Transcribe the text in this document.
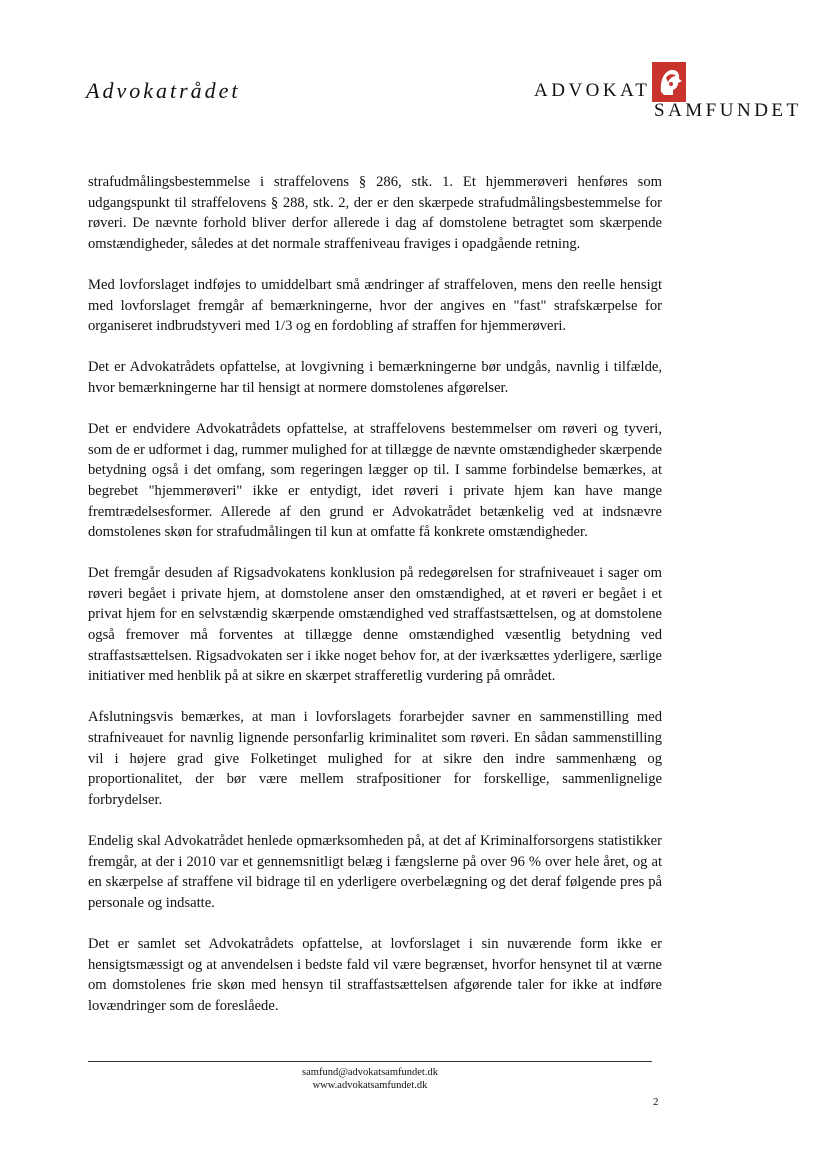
Advokatrådet	ADVOKAT
SAMFUNDET

strafudmålingsbestemmelse i straffelovens § 286, stk. 1. Et hjemmerøveri henføres som udgangspunkt til straffelovens § 288, stk. 2, der er den skærpede strafudmålingsbestemmelse for røveri. De nævnte forhold bliver derfor allerede i dag af domstolene betragtet som skærpende omstændigheder, således at det normale straffeniveau fraviges i opadgående retning.

Med lovforslaget indføjes to umiddelbart små ændringer af straffeloven, mens den reelle hensigt med lovforslaget fremgår af bemærkningerne, hvor der angives en "fast" strafskærpelse for organiseret indbrudstyveri med 1/3 og en fordobling af straffen for hjemmerøveri.

Det er Advokatrådets opfattelse, at lovgivning i bemærkningerne bør undgås, navnlig i tilfælde, hvor bemærkningerne har til hensigt at normere domstolenes afgørelser.

Det er endvidere Advokatrådets opfattelse, at straffelovens bestemmelser om røveri og tyveri, som de er udformet i dag, rummer mulighed for at tillægge de nævnte omstændigheder skærpende betydning også i det omfang, som regeringen lægger op til. I samme forbindelse bemærkes, at begrebet "hjemmerøveri" ikke er entydigt, idet røveri i private hjem kan have mange fremtrædelsesformer. Allerede af den grund er Advokatrådet betænkelig ved at indsnævre domstolenes skøn for strafudmålingen til kun at omfatte få konkrete omstændigheder.

Det fremgår desuden af Rigsadvokatens konklusion på redegørelsen for strafniveauet i sager om røveri begået i private hjem, at domstolene anser den omstændighed, at et røveri er begået i et privat hjem for en selvstændig skærpende omstændighed ved straffastsættelsen, og at domstolene også fremover må forventes at tillægge denne omstændighed væsentlig betydning ved straffastsættelsen. Rigsadvokaten ser i ikke noget behov for, at der iværksættes yderligere, særlige initiativer med henblik på at sikre en skærpet strafferetlig vurdering på området.

Afslutningsvis bemærkes, at man i lovforslagets forarbejder savner en sammenstilling med strafniveauet for navnlig lignende personfarlig kriminalitet som røveri. En sådan sammenstilling vil i højere grad give Folketinget mulighed for at sikre den indre sammenhæng og proportionalitet, der bør være mellem strafpositioner for forskellige, sammenlignelige forbrydelser.

Endelig skal Advokatrådet henlede opmærksomheden på, at det af Kriminalforsorgens statistikker fremgår, at der i 2010 var et gennemsnitligt belæg i fængslerne på over 96 % over hele året, og at en skærpelse af straffene vil bidrage til en yderligere overbelægning og det deraf følgende pres på personale og indsatte.

Det er samlet set Advokatrådets opfattelse, at lovforslaget i sin nuværende form ikke er hensigtsmæssigt og at anvendelsen i bedste fald vil være begrænset, hvorfor hensynet til at værne om domstolenes frie skøn med hensyn til straffastsættelsen afgørende taler for ikke at indføre lovændringer som de foreslåede.

samfund@advokatsamfundet.dk
www.advokatsamfundet.dk
2
